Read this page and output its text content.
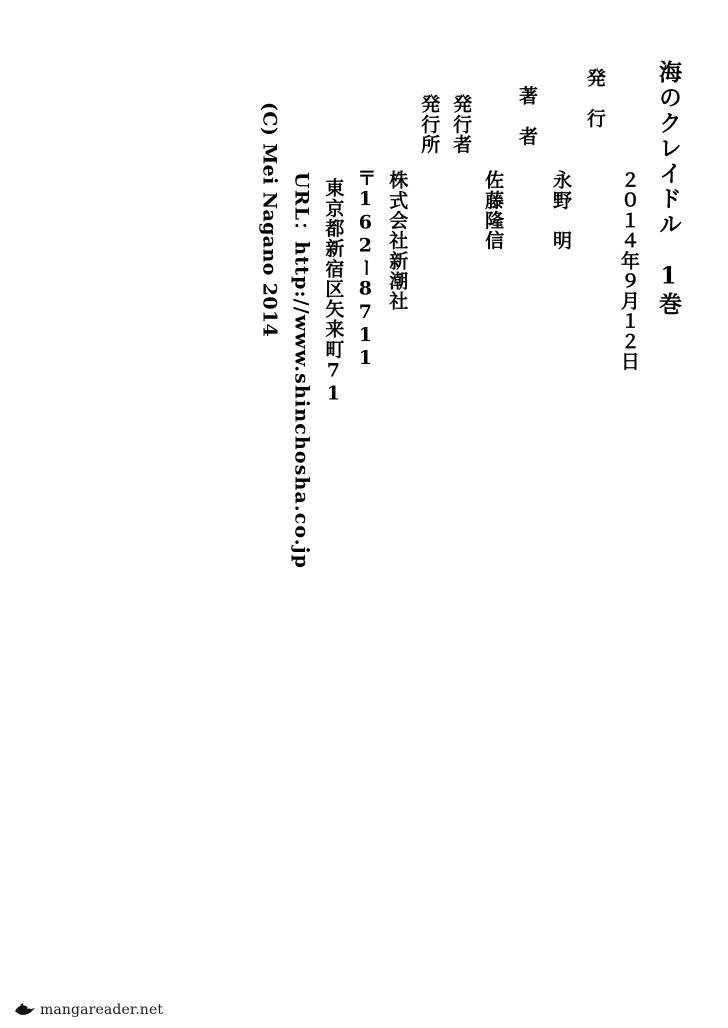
(C) Mei Nagano 2014 URL：http://www.shinchosha.co.jp 東京都新宿区矢来町71 〒162ー8711 株式会社新潮社
発行所 発行者
佐藤隆信
著　者
永野　明
発　行
２０１４年９月１２日 海のクレイドル　1巻
mangareader.net
